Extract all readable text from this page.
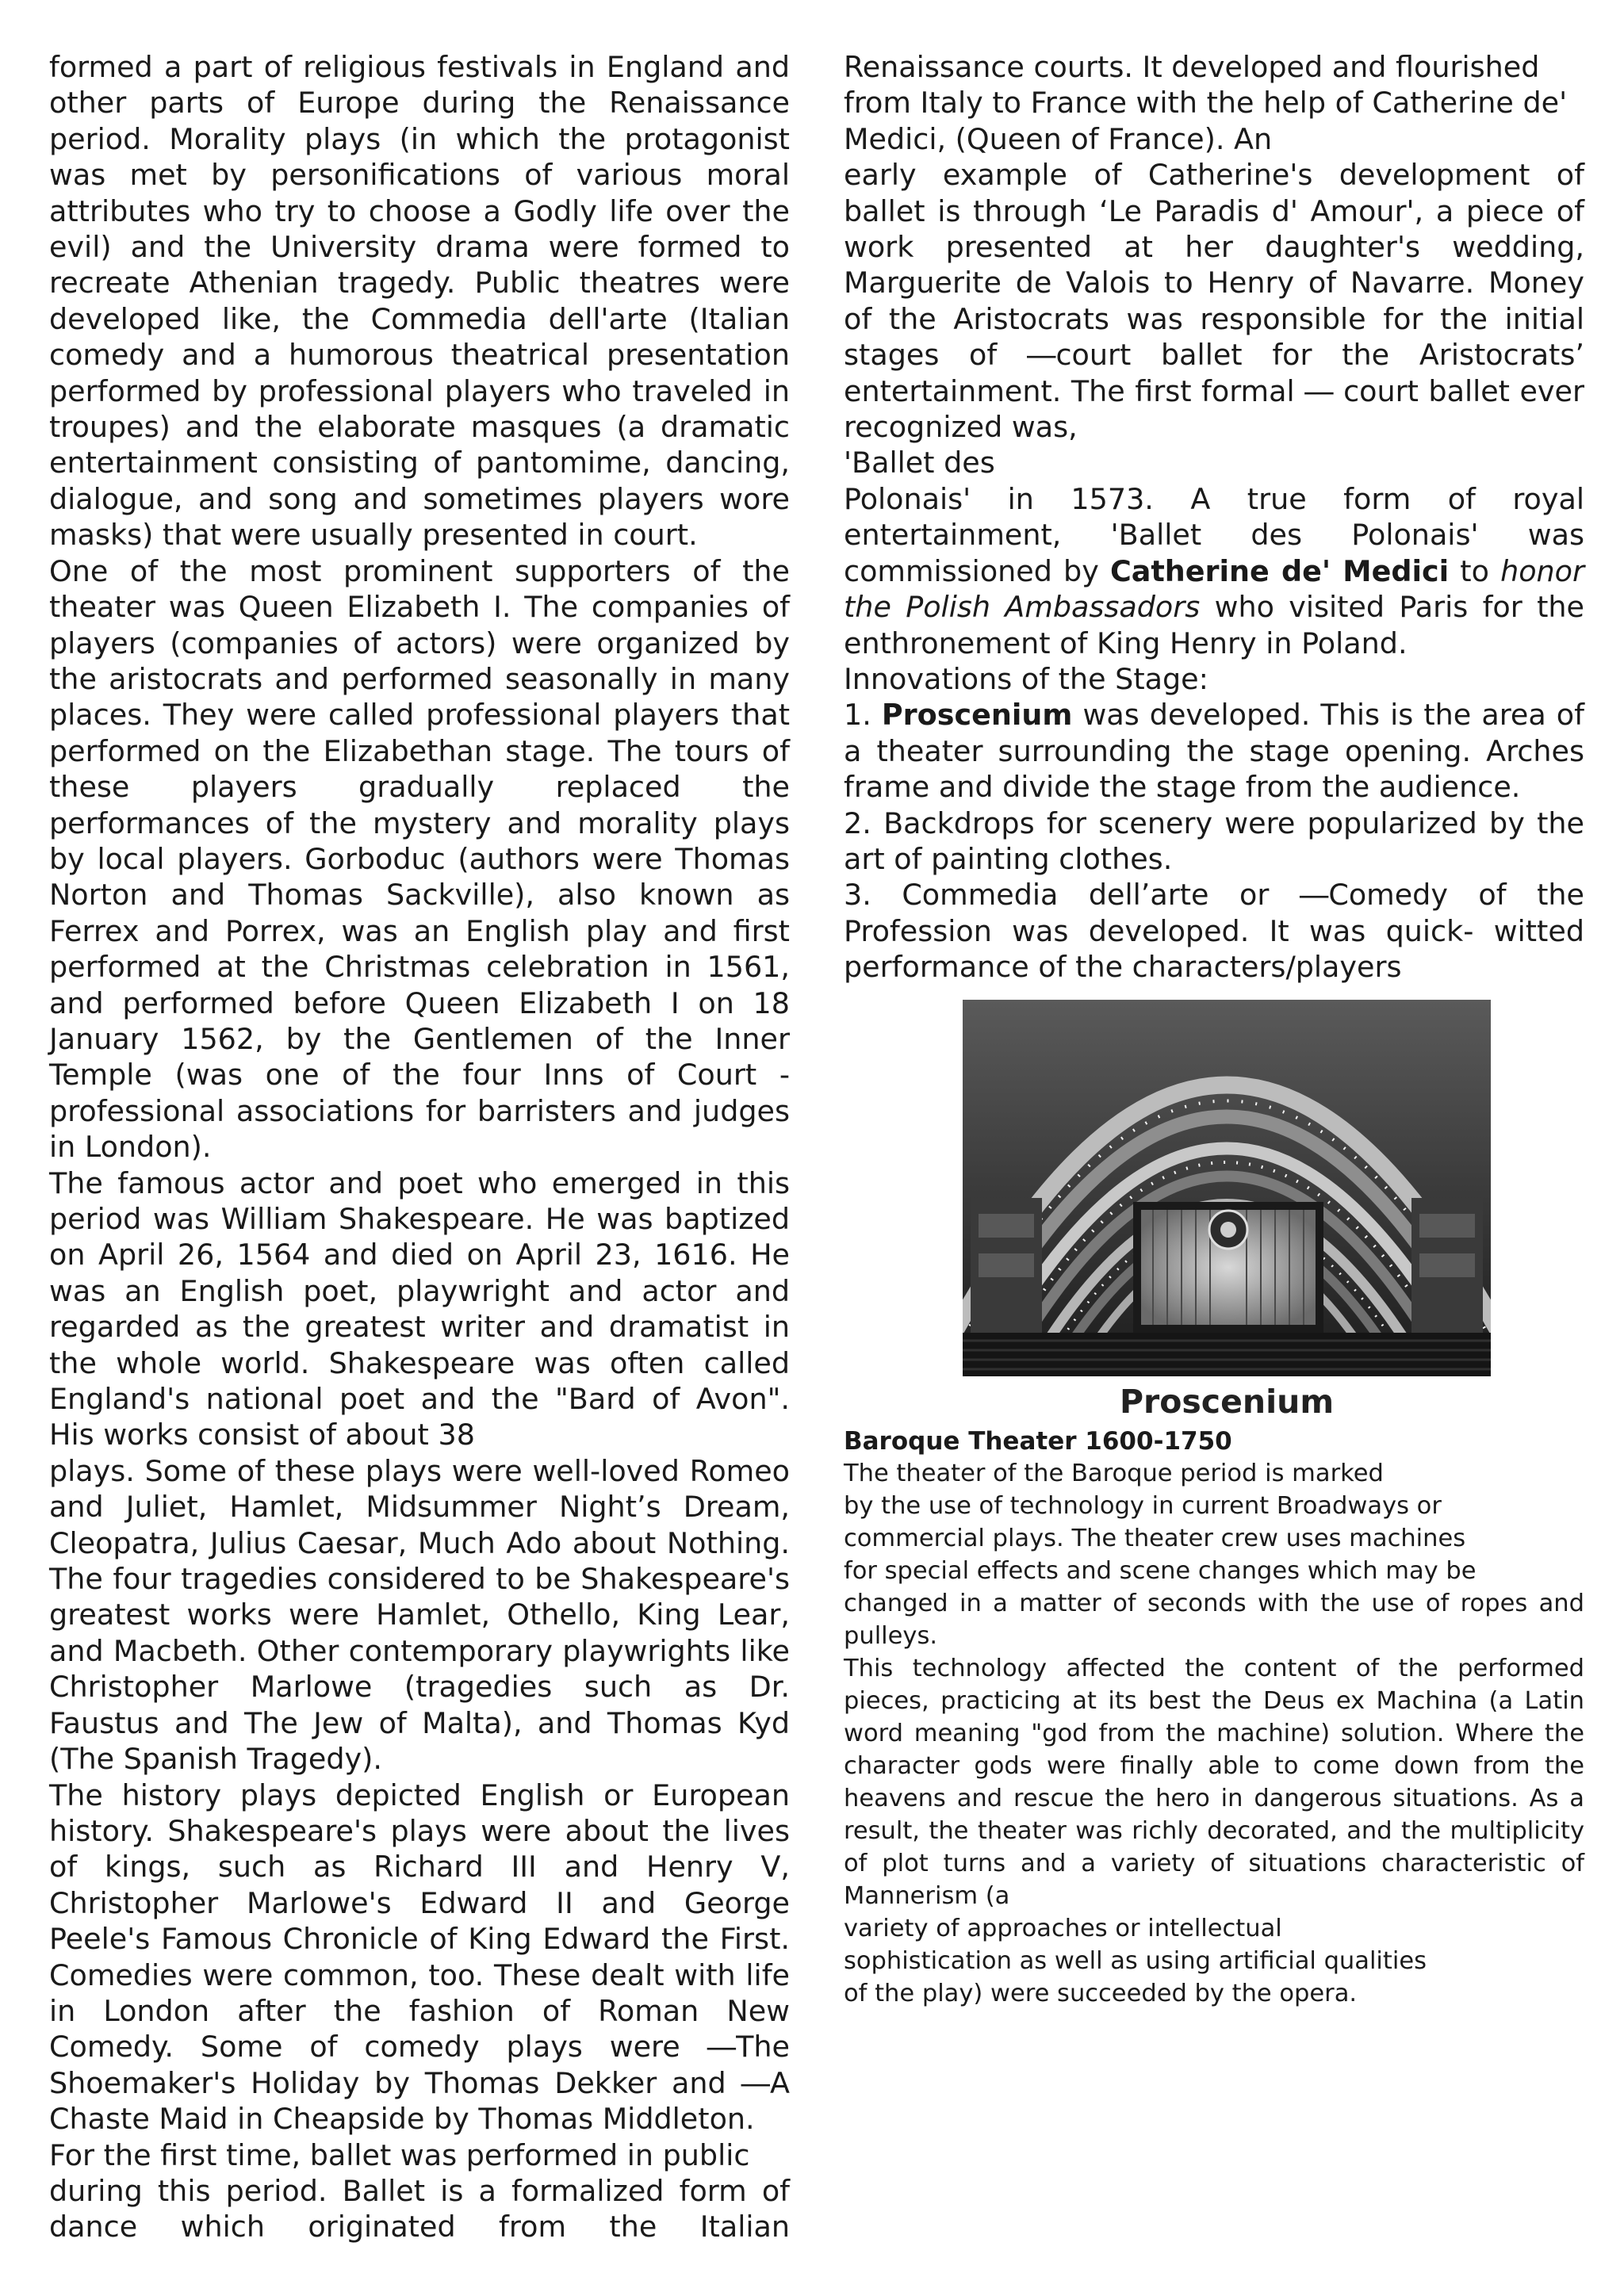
formed a part of religious festivals in England and other parts of Europe during the Renaissance period. Morality plays (in which the protagonist was met by personifications of various moral attributes who try to choose a Godly life over the evil) and the University drama were formed to recreate Athenian tragedy. Public theatres were developed like, the Commedia dell'arte (Italian comedy and a humorous theatrical presentation performed by professional players who traveled in troupes) and the elaborate masques (a dramatic entertainment consisting of pantomime, dancing, dialogue, and song and sometimes players wore masks) that were usually presented in court.

One of the most prominent supporters of the theater was Queen Elizabeth I. The companies of players (companies of actors) were organized by the aristocrats and performed seasonally in many places. They were called professional players that performed on the Elizabethan stage. The tours of these players gradually replaced the performances of the mystery and morality plays by local players. Gorboduc (authors were Thomas Norton and Thomas Sackville), also known as Ferrex and Porrex, was an English play and first performed at the Christmas celebration in 1561, and performed before Queen Elizabeth I on 18 January 1562, by the Gentlemen of the Inner Temple (was one of the four Inns of Court -professional associations for barristers and judges in London).

The famous actor and poet who emerged in this period was William Shakespeare. He was baptized on April 26, 1564 and died on April 23, 1616. He was an English poet, playwright and actor and regarded as the greatest writer and dramatist in the whole world. Shakespeare was often called England's national poet and the "Bard of Avon". His works consist of about 38

plays. Some of these plays were well-loved Romeo and Juliet, Hamlet, Midsummer Night’s Dream, Cleopatra, Julius Caesar, Much Ado about Nothing. The four tragedies considered to be Shakespeare's greatest works were Hamlet, Othello, King Lear, and Macbeth. Other contemporary playwrights like Christopher Marlowe (tragedies such as Dr. Faustus and The Jew of Malta), and Thomas Kyd (The Spanish Tragedy).

The history plays depicted English or European history. Shakespeare's plays were about the lives of kings, such as Richard III and Henry V, Christopher Marlowe's Edward II and George Peele's Famous Chronicle of King Edward the First. Comedies were common, too. These dealt with life in London after the fashion of Roman New Comedy. Some of comedy plays were ―The Shoemaker's Holiday by Thomas Dekker and ―A Chaste Maid in Cheapside by Thomas Middleton.

For the first time, ballet was performed in public

during this period. Ballet is a formalized form of dance which originated from the Italian

Renaissance courts. It developed and flourished from Italy to France with the help of Catherine de' Medici, (Queen of France). An

early example of Catherine's development of ballet is through ‘Le Paradis d' Amour', a piece of work presented at her daughter's wedding, Marguerite de Valois to Henry of Navarre. Money of the Aristocrats was responsible for the initial stages of ―court ballet for the Aristocrats’ entertainment. The first formal ― court ballet ever recognized was,

'Ballet des

Polonais' in 1573. A true form of royal entertainment, 'Ballet des Polonais' was commissioned by Catherine de' Medici to honor the Polish Ambassadors who visited Paris for the enthronement of King Henry in Poland.

Innovations of the Stage:

1. Proscenium was developed. This is the area of a theater surrounding the stage opening. Arches frame and divide the stage from the audience.

2. Backdrops for scenery were popularized by the art of painting clothes.

3. Commedia dell’arte or ―Comedy of the Profession was developed. It was quick- witted performance of the characters/players

Proscenium

Baroque Theater 1600-1750

The theater of the Baroque period is marked

by the use of technology in current Broadways or

commercial plays. The theater crew uses machines

for special effects and scene changes which may be

changed in a matter of seconds with the use of ropes and pulleys.

This technology affected the content of the performed pieces, practicing at its best the Deus ex Machina (a Latin word meaning "god from the machine) solution. Where the character gods were finally able to come down from the heavens and rescue the hero in dangerous situations. As a result, the theater was richly decorated, and the multiplicity of plot turns and a variety of situations characteristic of Mannerism (a

variety of approaches or intellectual

sophistication as well as using artificial qualities

of the play) were succeeded by the opera.
